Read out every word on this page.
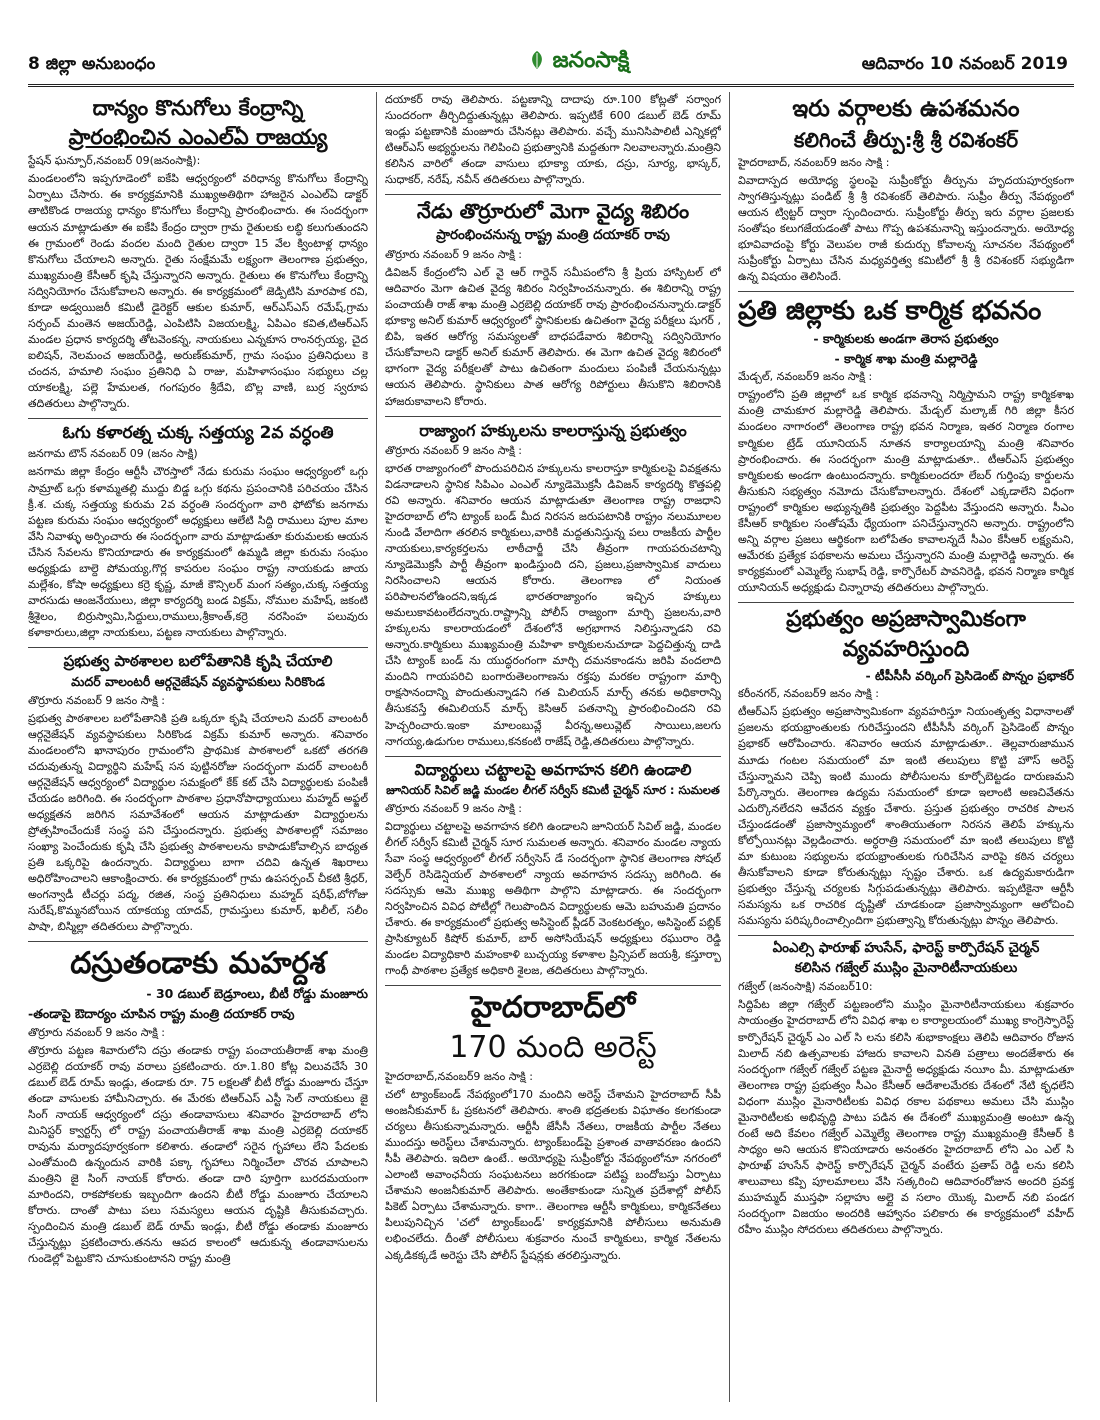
8 జిల్లా అనుబంధం	జనంసాక్షి	ఆదివారం 10 నవంబర్ 2019
దాన్యం కొనుగోలు కేంద్రాన్ని
ప్రారంభించిన ఎంఎల్ఏ రాజయ్య
స్టేషన్ ఘన్పూర్,నవంబర్ 09(జనంసాక్షి):

మండలంలోని ఇప్పగూడెంలో ఐకేపి ఆధ్వర్యంలో వరిధాన్య కొనుగోలు కేంద్రాన్ని ఏర్పాటు చేసారు. ఈ కార్యక్రమానికి ముఖ్యఅతిథిగా హాజరైన ఎంఎల్ఏ డాక్టర్ తాటికొండ రాజయ్య ధాన్యం కొనుగోలు కేంద్రాన్ని ప్రారంభించారు. ఈ సందర్భంగా ఆయన మాట్లాడుతూ ఈ ఐకేపి కేంద్రం ద్వారా గ్రామ రైతులకు లబ్ధి కలుగుతుందని ఈ గ్రామంలో రెండు వందల మంది రైతుల ద్వారా 15 వేల క్వింటాళ్ల ధాన్యం కొనుగోలు చేయాలని అన్నారు. రైతు సంక్షేమమే లక్ష్యంగా తెలంగాణ ప్రభుత్వం, ముఖ్యమంత్రి కేసీఆర్ కృషి చేస్తున్నారని అన్నారు. రైతులు ఈ కొనుగోలు కేంద్రాన్ని సద్వినియోగం చేసుకోవాలని అన్నారు. ఈ కార్యక్రమంలో జెడ్పిటిసి మారపాక రవి, కూడా అడ్వయిజరీ కమిటీ డైరెక్టర్ ఆకుల కుమార్, ఆర్ఎస్ఎస్ రమేష్,గ్రామ సర్పంచ్ మంతెన అజయ్‌రెడ్డి, ఎంపిటిసి విజయలక్ష్మి, ఏపిఎం కవిత,టిఆర్ఎస్ మండల ప్రధాన కార్యదర్శి తోటవెంకన్న, నాయకులు ఎన్నకూస రాంనర్సయ్య, చైద ఐలిషన్, నెలమంచ అజయ్‌రెడ్డి, అరుణ్‌కుమార్, గ్రామ సంఘం ప్రతినిధులు కె చందన, హమాలి సంఘం ప్రతినిధి ఏ రాజు, మహిళాసంఘం సభ్యులు చల్ల యాకలక్ష్మి, పల్లె హేమలత, గంగపురం శ్రీదేవి, బొల్ల వాణి, బుర్ర స్వరూప తదితరులు పాల్గొన్నారు.

ఓగు కళారత్న చుక్క సత్తయ్య 2వ వర్ధంతి
జనగామ టౌన్ నవంబర్ 09 (జనం సాక్షి)

జనగామ జిల్లా కేంద్రం ఆర్టీసీ చౌరస్తాలో నేడు కురుమ సంఘం ఆధ్వర్యంలో ఒగ్గు సామ్రాట్ ఒగ్గు కళామ్మతల్లి ముద్దు బిడ్డ ఒగ్గు కథను ప్రపంచానికి పరిచయం చేసిన క్రీ.శ. చుక్క సత్తయ్య కురుమ 2వ వర్ధంతి సందర్భంగా వారి ఫోటోకు జనగామ పట్టణ కురుమ సంఘం ఆధ్వర్యంలో అధ్యక్షులు ఆలేటి సిద్ది రాములు పూల మాల వేసి నివాళ్ళు అర్పించారు ఈ సందర్భంగా వారు మాట్లాడుతూ కురుమలకు ఆయన చేసిన సేవలను కొనియాడారు ఈ కార్యక్రమంలో ఉమ్మడి జిల్లా కురుమ సంఘం అధ్యక్షుడు బాల్దె పోమయ్య,గొర్ల కాపరుల సంఘం రాష్ట్ర నాయకుడు జాయ మల్లేశం, కోషా అధ్యక్షులు కర్రె కృష్ణ, మాజీ కౌన్సిలర్ మంగ సత్యం,చుక్క సత్తయ్య వారసుడు ఆంజనేయులు, జిల్లా కార్యదర్శి బండ విక్రమ్, నోముల మహేష్, జకంటి శ్రీశైలం, బిర్రుస్వామి,సిద్దులు,రాములు,శ్రీకాంత్,కర్రె నరసింహ పలువురు కళాకారులు,జిల్లా నాయకులు, పట్టణ నాయకులు పాల్గొన్నారు.

ప్రభుత్వ పాఠశాలల బలోపేతానికి కృషి చేయాలి
మదర్ వాలంటరీ ఆర్గనైజేషన్ వ్యవస్థాపకులు సిరికొండ
తొర్రూరు నవంబర్ 9 జనం సాక్షి :

ప్రభుత్వ పాఠశాలల బలోపేతానికి ప్రతి ఒక్కరూ కృషి చేయాలని మదర్ వాలంటరీ ఆర్గనైజేషన్ వ్యవస్థాపకులు సిరికొండ విక్రమ్ కుమార్ అన్నారు. శనివారం మండలంలోని ఖానాపురం గ్రామంలోని ప్రాథమిక పాఠశాలలో ఒకటో తరగతి చదువుతున్న విద్యార్థిని మహేష్ సన పుట్టినరోజు సందర్భంగా మదర్ వాలంటరీ ఆర్గనైజేషన్ ఆధ్వర్యంలో విద్యార్థుల సమక్షంలో కేక్ కట్ చేసి విద్యార్థులకు పంపిణీ చేయడం జరిగింది. ఈ సందర్భంగా పాఠశాల ప్రధానోపాధ్యాయులు మహ్మద్ అఫ్జల్ అధ్యక్షతన జరిగిన సమావేశంలో ఆయన మాట్లాడుతూ విద్యార్థులను ప్రోత్సహించేందుకే సంస్థ పని చేస్తుందన్నారు. ప్రభుత్వ పాఠశాలల్లో సమాజం సంఖ్యా పెంచేందుకు కృషి చేసి ప్రభుత్వ పాఠశాలలను కాపాడుకోవాల్సిన బాధ్యత ప్రతి ఒక్కరిపై ఉందన్నారు. విద్యార్థులు బాగా చదివి ఉన్నత శిఖరాలు అధిరోహించాలని ఆకాంక్షించారు. ఈ కార్యక్రమంలో గ్రామ ఉపసర్పంచ్ చీకటి శ్రీధర్, అంగన్వాడీ టీచర్లు పద్మ, రజిత, సంస్థ ప్రతినిధులు మహ్మద్ షరీఫ్,బోగోజు సురేష్,కొమ్మనబోయిన యాకయ్య యాదవ్, గ్రామస్తులు కుమార్, ఖలీల్, సలీం పాషా, బిస్మిల్లా తదితరులు పాల్గొన్నారు.

దస్రుతండాకు మహర్దశ
- 30 డబుల్ బెడ్రూంలు, బీటీ రోడ్డు మంజూరు
-తండాపై ఔదార్యం చూపిన రాష్ట్ర మంత్రి దయాకర్ రావు
తొర్రూరు నవంబర్ 9 జనం సాక్షి :

తొర్రూరు పట్టణ శివారులోని దస్రు తండాకు రాష్ట్ర పంచాయతీరాజ్ శాఖ మంత్రి ఎర్రబెల్లి దయాకర్ రావు వరాలు ప్రకటించారు. రూ.1.80 కోట్ల విలువచేసే 30 డబుల్ బెడ్ రూమ్ ఇండ్లు, తండాకు రూ. 75 లక్షలతో బీటీ రోడ్డు మంజూరు చేస్తూ తండా వాసులకు హామీనిచ్చారు. ఈ మేరకు టిఆర్ఎస్ ఎస్టీ సెల్ నాయకులు జై సింగ్ నాయక్ ఆధ్వర్యంలో దస్రు తండావాసులు శనివారం హైదరాబాద్ లోని మినిస్టర్ క్వార్టర్స్ లో రాష్ట్ర పంచాయతీరాజ్ శాఖ మంత్రి ఎర్రబెల్లి దయాకర్ రావును మర్యాదపూర్వకంగా కలిశారు. తండాలో సరైన గృహాలు లేని పేదలకు ఎంతోమంది ఉన్నందున వారికి పక్కా గృహాలు నిర్మించేలా చొరవ చూపాలని మంత్రిని జై సింగ్ నాయక్ కోరారు. తండా దారి పూర్తిగా బురదమయంగా మారిందని, రాకపోకలకు ఇబ్బందిగా ఉందని బీటీ రోడ్డు మంజూరు చేయాలని కోరారు. దాంతో పాటు పలు సమస్యలు ఆయన దృష్టికి తీసుకువచ్చారు. స్పందించిన మంత్రి డబుల్ బెడ్ రూమ్ ఇండ్లు, బీటీ రోడ్డు తండాకు మంజూరు చేస్తున్నట్లు ప్రకటించారు.తనను ఆపద కాలంలో ఆదుకున్న తండావాసులను గుండెల్లో పెట్టుకొని చూసుకుంటానని రాష్ట్ర మంత్రి

దయాకర్ రావు తెలిపారు. పట్టణాన్ని దాదాపు రూ.100 కోట్లతో సర్వాంగ సుందరంగా తీర్చిదిద్దుతున్నట్లు తెలిపారు. ఇప్పటికే 600 డబుల్ బెడ్ రూమ్ ఇండ్లు పట్టణానికి మంజూరు చేసినట్లు తెలిపారు. వచ్చే మునిసిపాలిటీ ఎన్నికల్లో టిఆర్ఎస్ అభ్యర్థులను గెలిపించి ప్రభుత్వానికి మద్దతుగా నిలవాలన్నారు.మంత్రిని కలిసిన వారిలో తండా వాసులు భూక్యా యాకు, దస్రు, సూర్య, భాస్కర్, సుధాకర్, నరేష్, నవీన్ తదితరులు పాల్గొన్నారు.

నేడు తొర్రూరులో మెగా వైద్య శిబిరం
ప్రారంభించనున్న రాష్ట్ర మంత్రి దయాకర్ రావు
తొర్రూరు నవంబర్ 9 జనం సాక్షి :

డివిజన్ కేంద్రంలోని ఎల్ వై ఆర్ గార్డెన్ సమీపంలోని శ్రీ ప్రియ హాస్పిటల్ లో ఆదివారం మెగా ఉచిత వైద్య శిబిరం నిర్వహించనున్నారు. ఈ శిబిరాన్ని రాష్ట్ర పంచాయతీ రాజ్ శాఖ మంత్రి ఎర్రబెల్లి దయాకర్ రావు ప్రారంభించనున్నారు.డాక్టర్ భూక్యా అనిల్ కుమార్ ఆధ్వర్యంలో స్థానికులకు ఉచితంగా వైద్య పరీక్షలు షుగర్ , బిపి, ఇతర ఆరోగ్య సమస్యలతో బాధపడేవారు శిబిరాన్ని సద్వినియోగం చేసుకోవాలని డాక్టర్ అనిల్ కుమార్ తెలిపారు. ఈ మెగా ఉచిత వైద్య శిబిరంలో భాగంగా వైద్య పరీక్షలతో పాటు ఉచితంగా మందులు పంపిణీ చేయనున్నట్లు ఆయన తెలిపారు. స్థానికులు పాత ఆరోగ్య రిపోర్టులు తీసుకొని శిబిరానికి హాజరుకావాలని కోరారు.

రాజ్యాంగ హక్కులను కాలరాస్తున్న ప్రభుత్వం
తొర్రూరు నవంబర్ 9 జనం సాక్షి :

భారత రాజ్యాంగంలో పొందుపరిచిన హక్కులను కాలరాస్తూ కార్మికులపై వివక్షతను విడనాడాలని స్థానిక సిపిఎం ఎంఎల్ న్యూడెమొక్రసీ డివిజన్ కార్యదర్శి కొత్తపల్లి రవి అన్నారు. శనివారం ఆయన మాట్లాడుతూ తెలంగాణ రాష్ట్ర రాజధాని హైదరాబాద్ లోని ట్యాంక్ బండ్ మీద నిరసన జరుపటానికి రాష్ట్రం నలుమూలల నుండి వేలాదిగా తరలిన కార్మికులు,వారికి మద్దతునిస్తున్న పలు రాజకీయ పార్టీల నాయకులు,కార్యకర్తలను లాఠీచార్జీ చేసి తీవ్రంగా గాయపరుచటాన్ని న్యూడెమొక్రసీ పార్టీ తీవ్రంగా ఖండిస్తుంది దని, ప్రజలు,ప్రజాస్వామిక వాదులు నిరసించాలని ఆయన కోరారు. తెలంగాణ లో నియంత పరిపాలనలోఉందని,ఇక్కడ భారతరాజ్యాంగం ఇచ్చిన హక్కులు అమలుకావటంలేదన్నారు.రాష్ట్రాన్ని పోలీస్ రాజ్యంగా మార్చి ప్రజలను,వారి హక్కులను కాలరాయడంలో దేశంలోనే అగ్రభాగాన నిలిస్తున్నాడని రవి అన్నారు.కార్మికులు ముఖ్యమంత్రి మహిళా కార్మికులనుచూడా పెద్దచిత్తున్న దాడి చేసి ట్యాంక్ బండ్ ను యుద్ధరంగంగా మార్చి దమనకాండను జరిపి వందలాది మందిని గాయపరిచి బంగారుతెలంగాణను రక్తపు మరకల రాష్ట్రంగా మార్చి రాక్షసానందాన్ని పొందుతున్నాడని గత మిలియన్ మార్చ్ తనకు అధికారాన్ని తీసుకవస్తే ఈమిలియన్ మార్చ్ కెసిఆర్ పతనాన్ని ప్రారంభించిందని రవి హెచ్చరించారు.ఇంకా మాలంబువ్లే వీరన్న,అలువ్లెట్ సాయిలు,జలగు నాగయ్య,ఉడుగుల రాములు,కనకంటి రాజేష్ రెడ్డి,తదితరులు పాల్గొన్నారు.

విద్యార్థులు చట్టాలపై అవగాహన కలిగి ఉండాలి
జూనియర్ సివిల్ జడ్జి మండల లీగల్ సర్వీస్ కమిటీ చైర్మన్ సూర : సుమలత
తొర్రూరు నవంబర్ 9 జనం సాక్షి :

విద్యార్థులు చట్టాలపై అవగాహన కలిగి ఉండాలని జూనియర్ సివిల్ జడ్జి, మండల లీగల్ సర్వీస్ కమిటీ చైర్మన్ సూర సుమలత అన్నారు. శనివారం మండల న్యాయ సేవా సంస్థ ఆధ్వర్యంలో లీగల్ సర్వీసెస్ డే సందర్భంగా స్థానిక తెలంగాణ సోషల్ వెల్ఫేర్ రెసిడెన్షియల్ పాఠశాలలో న్యాయ అవగాహన సదస్సు జరిగింది. ఈ సదస్సుకు ఆమె ముఖ్య అతిథిగా పాల్గొని మాట్లాడారు. ఈ సందర్భంగా నిర్వహించిన వివిధ పోటీల్లో గెలుపొందిన విద్యార్థులకు ఆమె బహుమతి ప్రదానం చేశారు. ఈ కార్యక్రమంలో ప్రభుత్వ అసిస్టెంట్ ప్లీడర్ వెంకటరత్నం, అసిస్టెంట్ పబ్లిక్ ప్రాసిక్యూటర్ కిషోర్ కుమార్, బార్ అసోసియేషన్ అధ్యక్షులు రఘురాం రెడ్డి మండల విద్యాధికారి మహంకాళి బుచ్చయ్య కళాశాల ప్రిన్సిపల్ జయశ్రీ, కస్తూర్బా గాంధీ పాఠశాల ప్రత్యేక అధికారి శైలజ, తదితరులు పాల్గొన్నారు.

హైదరాబాద్‌లో
170 మంది అరెస్ట్
హైదరాబాద్,నవంబర్9 జనం సాక్షి :

చలో ట్యాంక్‌బండ్ నేపథ్యంలో170 మందిని అరెస్ట్ చేశామని హైదరాబాద్ సీపీ అంజనీకుమార్ ఓ ప్రకటనలో తెలిపారు. శాంతి భద్రతలకు విఘాతం కలగకుండా చర్యలు తీసుకున్నామన్నారు. ఆర్టీసీ జేసీసీ నేతలు, రాజకీయ పార్టీల నేతలు ముందస్తు అరెస్ట్‌లు చేశామన్నారు. ట్యాంక్‌బండ్‌పై ప్రశాంత వాతావరణం ఉందని సీపీ తెలిపారు. ఇదిలా ఉంటే.. అయోధ్యపై సుప్రీంకోర్టు నేపథ్యంలోనూ నగరంలో ఎలాంటి అవాంఛనీయ సంఘటనలు జరగకుండా పటిష్ట బందోబస్తు ఏర్పాటు చేశామని అంజనీకుమార్ తెలిపారు. అంతేకాకుండా సున్నిత ప్రదేశాల్లో పోలీస్ పికెట్ ఏర్పాటు చేశామన్నారు. కాగా.. తెలంగాణ ఆర్టీసీ కార్మికులు, కార్మికనేతలు పిలుపునిచ్చిన 'చలో ట్యాంక్‌బండ్' కార్యక్రమానికి పోలీసులు అనుమతి లభించలేదు. దీంతో పోలీసులు శుక్రవారం నుంచే కార్మికులు, కార్మిక నేతలను ఎక్కడికక్కడే అరెస్టు చేసి పోలీస్ స్టేషన్లకు తరలిస్తున్నారు.

ఇరు వర్గాలకు ఉపశమనం
కలిగించే తీర్పు:శ్రీ శ్రీ రవిశంకర్
హైదరాబాద్, నవంబర్9 జనం సాక్షి :

వివాదాస్పద అయోధ్య స్థలంపై సుప్రీంకోర్టు తీర్పును హృదయపూర్వకంగా స్వాగతిస్తున్నట్లు పండిట్ శ్రీ శ్రీ రవిశంకర్ తెలిపారు. సుప్రీం తీర్పు నేపథ్యంలో ఆయన ట్విట్టర్ ద్వారా స్పందించారు. సుప్రీంకోర్టు తీర్పు ఇరు వర్గాల ప్రజలకు సంతోషం కలుగజేయడంతో పాటు గొప్ప ఉపశమనాన్ని ఇస్తుందన్నారు. అయోధ్య భూవివాదంపై కోర్టు వెలుపల రాజీ కుదుర్చు కోవాలన్న సూచనల నేపథ్యంలో సుప్రీంకోర్టు ఏర్పాటు చేసిన మధ్యవర్తిత్వ కమిటీలో శ్రీ శ్రీ రవిశంకర్ సభ్యుడిగా ఉన్న విషయం తెలిసిందే.

ప్రతి జిల్లాకు ఒక కార్మిక భవనం
- కార్మికులకు అండగా తెరాస ప్రభుత్వం
- కార్మిక శాఖ మంత్రి మల్లారెడ్డి
మేడ్చల్, నవంబర్9 జనం సాక్షి :

రాష్ట్రంలోని ప్రతి జిల్లాలో ఒక కార్మిక భవనాన్ని నిర్మిస్తామని రాష్ట్ర కార్మికశాఖ మంత్రి చామకూర మల్లారెడ్డి తెలిపారు. మేడ్చల్ మల్కాజ్ గిరి జిల్లా కీసర మండలం నాగారంలో తెలంగాణ రాష్ట్ర భవన నిర్మాణ, ఇతర నిర్మాణ రంగాల కార్మికుల ట్రేడ్ యూనియన్ నూతన కార్యాలయాన్ని మంత్రి శనివారం ప్రారంభించారు. ఈ సందర్భంగా మంత్రి మాట్లాడుతూ.. టీఆర్ఎస్ ప్రభుత్వం కార్మికులకు అండగా ఉంటుందన్నారు. కార్మికులందరూ లేబర్ గుర్తింపు కార్డులను తీసుకుని సభ్యత్వం నమోదు చేసుకోవాలన్నారు. దేశంలో ఎక్కడాలేని విధంగా రాష్ట్రంలో కార్మికుల అభ్యున్నతికి ప్రభుత్వం పెద్దపీట వేస్తుందని అన్నారు. సీఎం కేసీఆర్ కార్మికుల సంతోషమే ధ్యేయంగా పనిచేస్తున్నారని అన్నారు. రాష్ట్రంలోని అన్ని వర్గాల ప్రజలు ఆర్థికంగా బలోపేతం కావాలన్నదే సీఎం కేసీఆర్ లక్ష్యమని, ఆమేరకు ప్రత్యేక పథకాలను అమలు చేస్తున్నారని మంత్రి మల్లారెడ్డి అన్నారు. ఈ కార్యక్రమంలో ఎమ్మెల్యే సుభాష్ రెడ్డి, కార్పొరేటర్ పావనిరెడ్డి, భవన నిర్మాణ కార్మిక యూనియన్ అధ్యక్షుడు చిన్నారావు తదితరులు పాల్గొన్నారు.

ప్రభుత్వం అప్రజాస్వామికంగా
వ్యవహరిస్తుంది
- టీపీసీసీ వర్కింగ్ ప్రెసిడెంట్ పొన్నం ప్రభాకర్
కరీంనగర్, నవంబర్9 జనం సాక్షి :

టీఆర్ఎస్ ప్రభుత్వం అప్రజాస్వామికంగా వ్యవహరిస్తూ నియంతృత్వ విధానాలతో ప్రజలను భయభ్రాంతులకు గురిచేస్తుందని టీపీసీసీ వర్కింగ్ ప్రెసిడెంట్ పొన్నం ప్రభాకర్ ఆరోపించారు. శనివారం ఆయన మాట్లాడుతూ.. తెల్లవారుజామున మూడు గంటల సమయంలో మా ఇంటి తలుపులు కొట్టి హౌస్ అరెస్ట్ చేస్తున్నామని చెప్పి ఇంటి ముందు పోలీసులను కూర్చోబెట్టడం దారుణమని పేర్కొన్నారు. తెలంగాణ ఉద్యమ సమయంలో కూడా ఇలాంటి అణచివేతను ఎదుర్కొనలేదని ఆవేదన వ్యక్తం చేశారు. ప్రస్తుత ప్రభుత్వం రాచరిక పాలన చేస్తుండడంతో ప్రజాస్వామ్యంలో శాంతియుతంగా నిరసన తెలిపే హక్కును కోల్పోయినట్లు వెల్లడించారు. అర్ధరాత్రి సమయంలో మా ఇంటి తలుపులు కొట్టి మా కుటుంబ సభ్యులను భయభ్రాంతులకు గురిచేసిన వారిపై కఠిన చర్యలు తీసుకోవాలని కూడా కోరుతున్నట్లు స్పష్టం చేశారు. ఒక ఉద్యమకారుడిగా ప్రభుత్వం చేస్తున్న చర్యలకు సిగ్గుపడుతున్నట్లు తెలిపారు. ఇప్పటికైనా ఆర్టీసీ సమస్యను ఒక రాచరిక దృష్టితో చూడకుండా ప్రజాస్వామ్యంగా ఆలోచించి సమస్యను పరిష్కరించాల్సిందిగా ప్రభుత్వాన్ని కోరుతున్నట్లు పొన్నం తెలిపారు.

ఏంఎల్సి ఫారూఖ్ హుసేన్, ఫారెస్ట్ కార్పొరేషన్ చైర్మన్
కలిసిన గజ్వేల్ ముస్లిం మైనారిటీనాయకులు
గజ్వేల్ (జనంసాక్షి) నవంబర్10:

సిద్దిపేట జిల్లా గజ్వేల్ పట్టణంలోని ముస్లిం మైనారిటీనాయకులు శుక్రవారం సాయంత్రం హైదరాబాద్ లోని వివిధ శాఖ ల కార్యాలయంలో ముఖ్య కాంగ్రెస్ఫారెస్ట్ కార్పొరేషన్ చైర్మన్ ఎం ఎల్ సి లను కలిసి శుభాకాంక్షలు తెలిపి ఆదివారం రోజున మిలాద్ నబి ఉత్సవాలకు హాజరు కావాలని వినతి పత్రాలు అందజేశారు ఈ సందర్భంగా గజ్వేల్ గజ్వేల్ పట్టణ మైనార్టీ అధ్యక్షుడు నయీం మీ. మాట్లాడుతూ తెలంగాణ రాష్ట్ర ప్రభుత్వం సీఎం కేసీఆర్ ఆదేశాలమేరకు దేశంలో నేటి కృధలేని విధంగా ముస్లిం మైనారిటీలకు వివిధ రకాల పథకాలు అమలు చేసి ముస్లిం మైనారిటీలకు అభివృద్ధి పాటు పడిన ఈ దేశంలో ముఖ్యమంత్రి అంటూ ఉన్న రంటే అది కేవలం గజ్వేల్ ఎమ్మెల్యే తెలంగాణ రాష్ట్ర ముఖ్యమంత్రి కేసీఆర్ కి సాధ్యం అని ఆయన కొనియాడారు అనంతరం హైదరాబాద్ లోని ఎం ఎల్ సి ఫారూఖ్ హుసేన్ ఫారెస్ట్ కార్పొరేషన్ చైర్మన్ వంటేరు ప్రతాప్ రెడ్డి లను కలిసి శాలువాలు కప్పి పూలమాలలు వేసి సత్కరించి ఆదివారంరోజున అందరి ప్రవక్త ముహమ్మద్ ముస్తఫా సల్లాహు అల్లై వ సలాం యొక్క మిలాద్ నబి పండగ సందర్భంగా విజయం అందరికి ఆహ్వానం పలికారు ఈ కార్యక్రమంలో వహీద్ రహీం ముస్లిం సోదరులు తదితరులు పాల్గొన్నారు.
